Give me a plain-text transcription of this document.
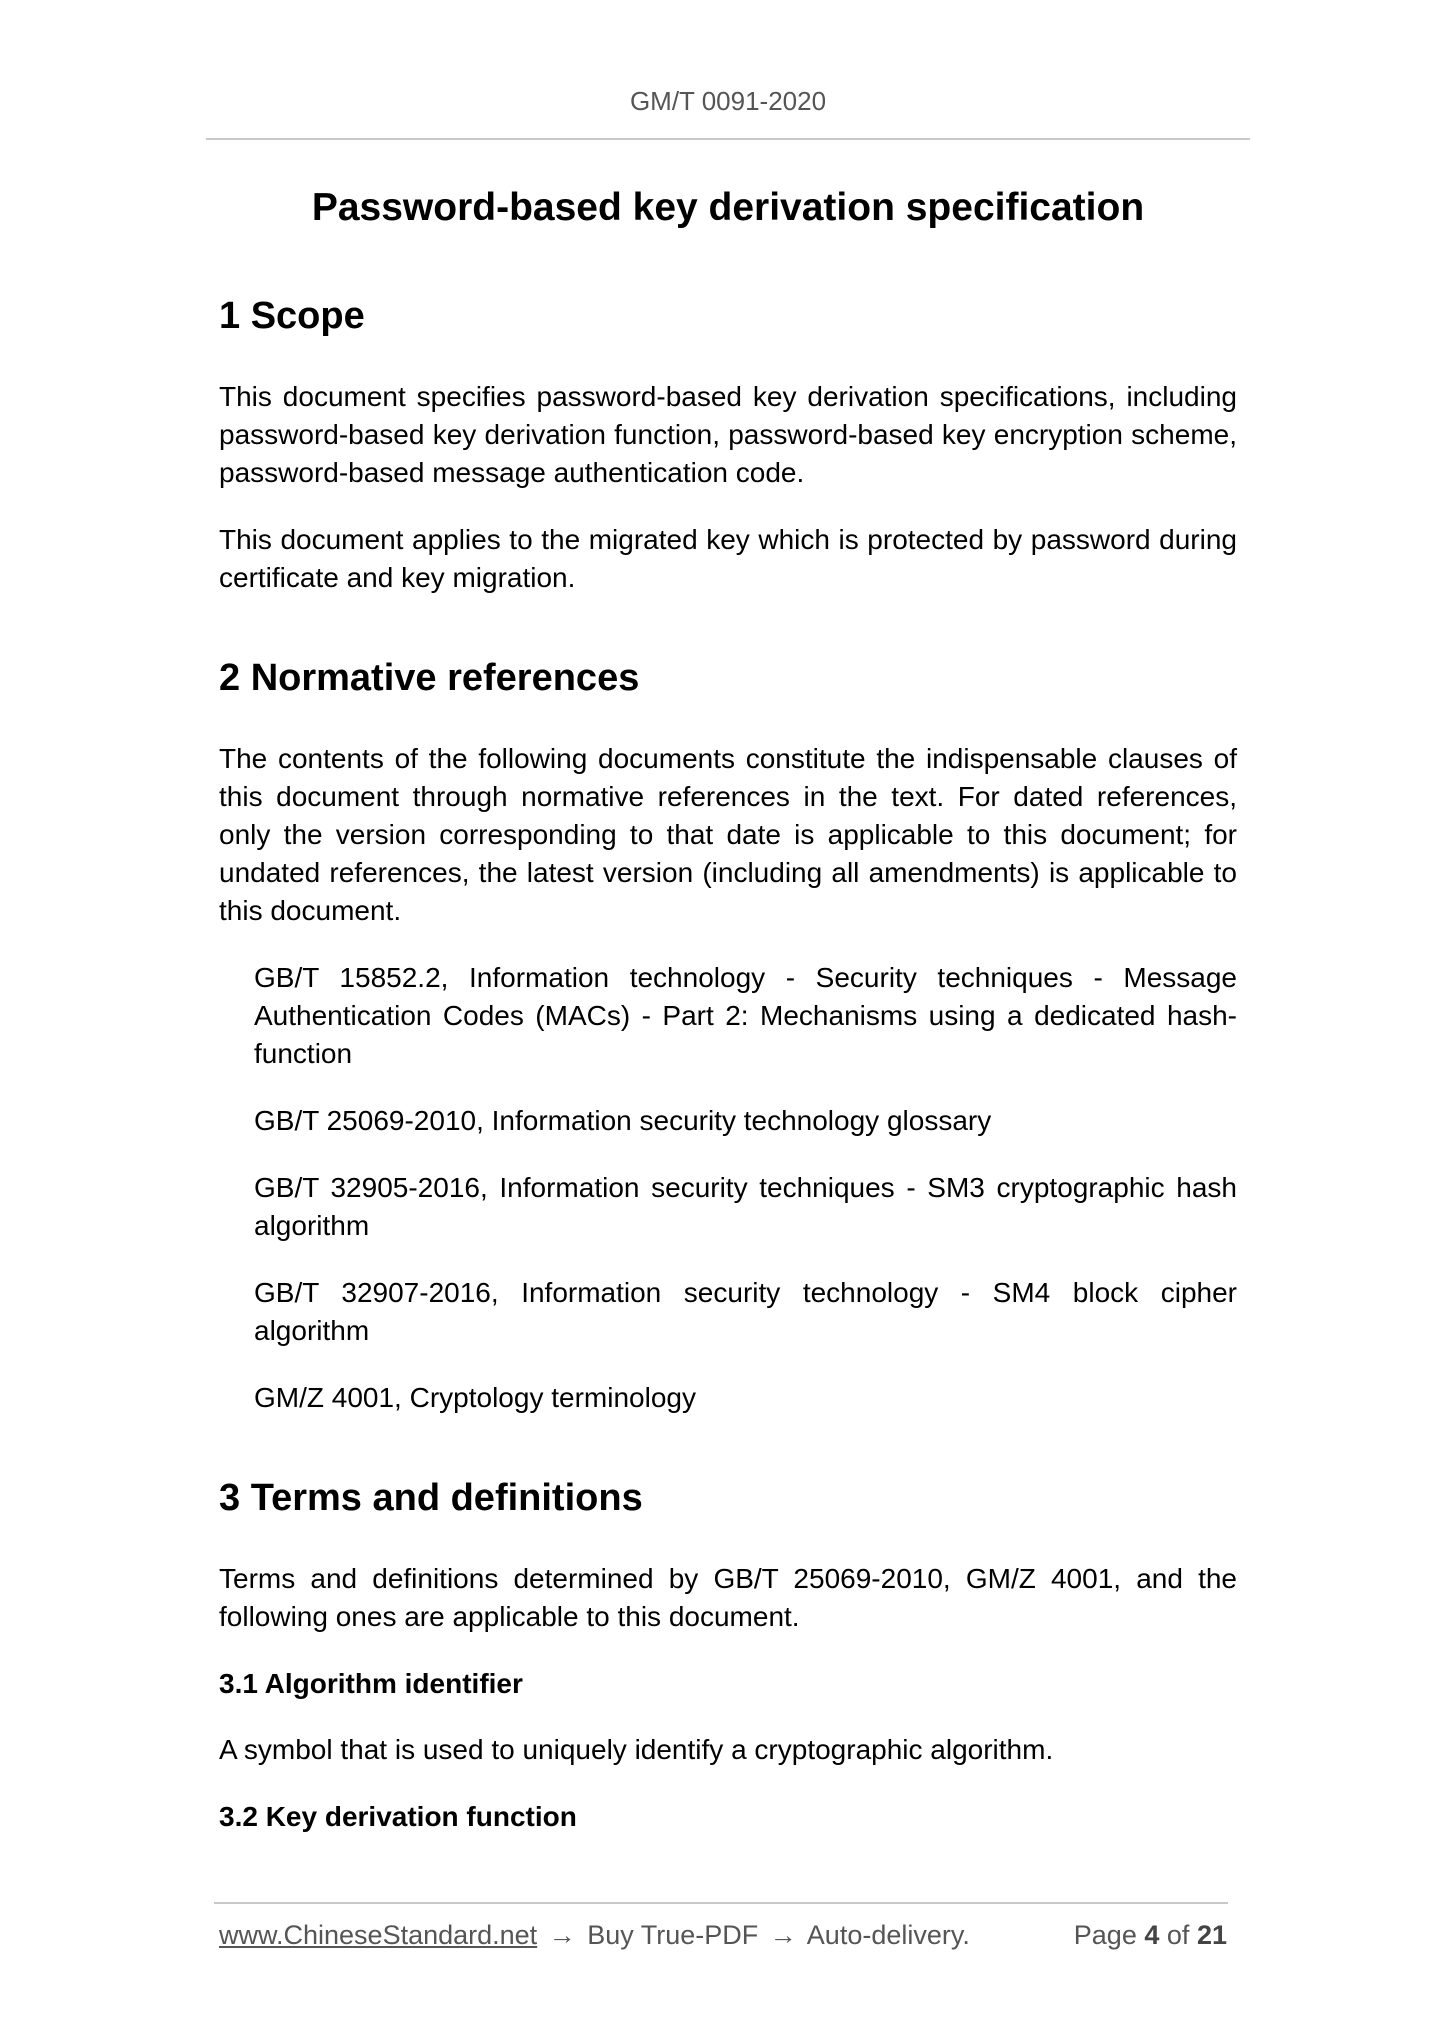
GM/T 0091-2020
Password-based key derivation specification
1 Scope

This document specifies password-based key derivation specifications, including password-based key derivation function, password-based key encryption scheme, password-based message authentication code.

This document applies to the migrated key which is protected by password during certificate and key migration.

2 Normative references

The contents of the following documents constitute the indispensable clauses of this document through normative references in the text. For dated references, only the version corresponding to that date is applicable to this document; for undated references, the latest version (including all amendments) is applicable to this document.

GB/T 15852.2, Information technology - Security techniques - Message Authentication Codes (MACs) - Part 2: Mechanisms using a dedicated hash-function

GB/T 25069-2010, Information security technology glossary

GB/T 32905-2016, Information security techniques - SM3 cryptographic hash algorithm

GB/T 32907-2016, Information security technology - SM4 block cipher algorithm

GM/Z 4001, Cryptology terminology

3 Terms and definitions

Terms and definitions determined by GB/T 25069-2010, GM/Z 4001, and the following ones are applicable to this document.

3.1 Algorithm identifier

A symbol that is used to uniquely identify a cryptographic algorithm.

3.2 Key derivation function
www.ChineseStandard.net → Buy True-PDF → Auto-delivery.	Page 4 of 21
